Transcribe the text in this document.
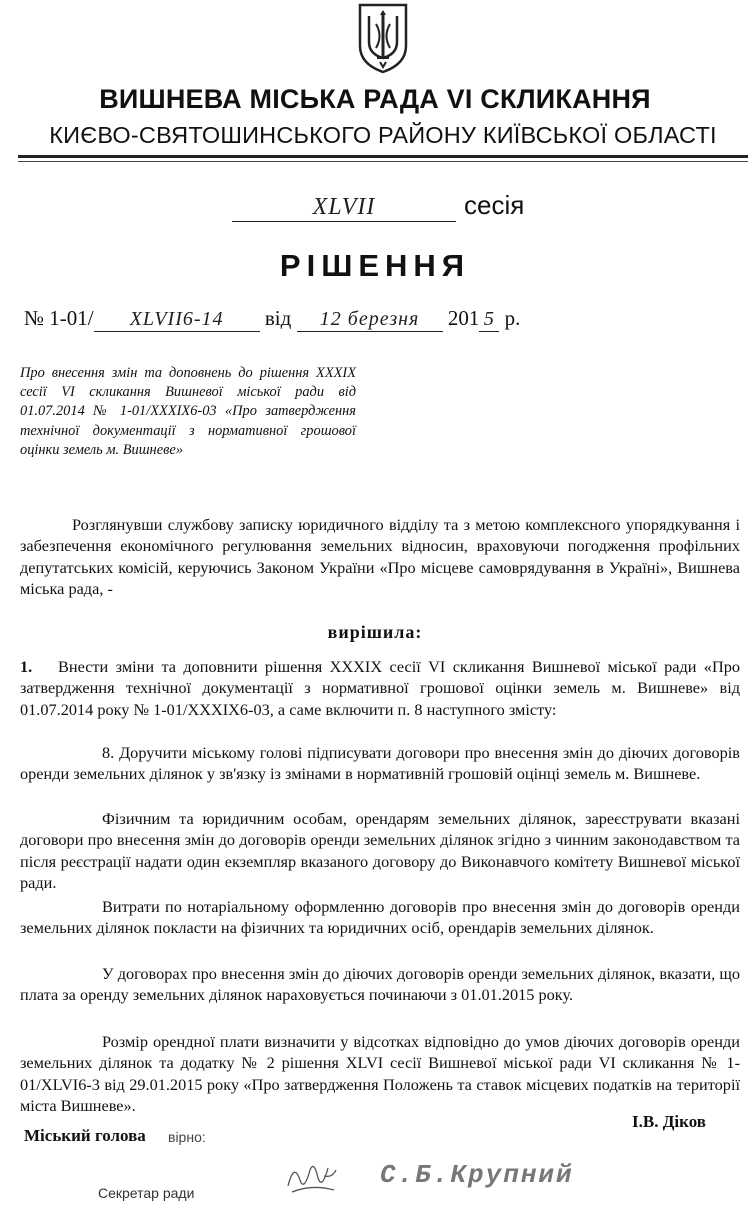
ВИШНЕВА МІСЬКА РАДА VI СКЛИКАННЯ
КИЄВО-СВЯТОШИНСЬКОГО РАЙОНУ КИЇВСЬКОЇ ОБЛАСТІ
XLVII	сесія
РІШЕННЯ
№ 1-01/ XLVII6-14 від 12 березня 201 5 р.

Про внесення змін та доповнень до рішення XXXIX сесії VI скликання Вишневої міської ради від 01.07.2014 № 1-01/XXXIX6-03 «Про затвердження технічної документації з нормативної грошової оцінки земель м. Вишневе»

Розглянувши службову записку юридичного відділу та з метою комплексного упорядкування і забезпечення економічного регулювання земельних відносин, враховуючи погодження профільних депутатських комісій, керуючись Законом України «Про місцеве самоврядування в Україні», Вишнева міська рада, -

вирішила:

1. Внести зміни та доповнити рішення XXXIX сесії VI скликання Вишневої міської ради «Про затвердження технічної документації з нормативної грошової оцінки земель м. Вишневе» від 01.07.2014 року № 1-01/XXXIX6-03, а саме включити п. 8 наступного змісту:

8. Доручити міському голові підписувати договори про внесення змін до діючих договорів оренди земельних ділянок у зв'язку із змінами в нормативній грошовій оцінці земель м. Вишневе.

Фізичним та юридичним особам, орендарям земельних ділянок, зареєструвати вказані договори про внесення змін до договорів оренди земельних ділянок згідно з чинним законодавством та після реєстрації надати один екземпляр вказаного договору до Виконавчого комітету Вишневої міської ради.

Витрати по нотаріальному оформленню договорів про внесення змін до договорів оренди земельних ділянок покласти на фізичних та юридичних осіб, орендарів земельних ділянок.

У договорах про внесення змін до діючих договорів оренди земельних ділянок, вказати, що плата за оренду земельних ділянок нараховується починаючи з 01.01.2015 року.

Розмір орендної плати визначити у відсотках відповідно до умов діючих договорів оренди земельних ділянок та додатку № 2 рішення XLVI сесії Вишневої міської ради VI скликання № 1-01/XLVI6-3 від 29.01.2015 року «Про затвердження Положень та ставок місцевих податків на території міста Вишневе».

Міський голова вірно:
І.В. Діков
Секретар ради
С.Б.Крупний
